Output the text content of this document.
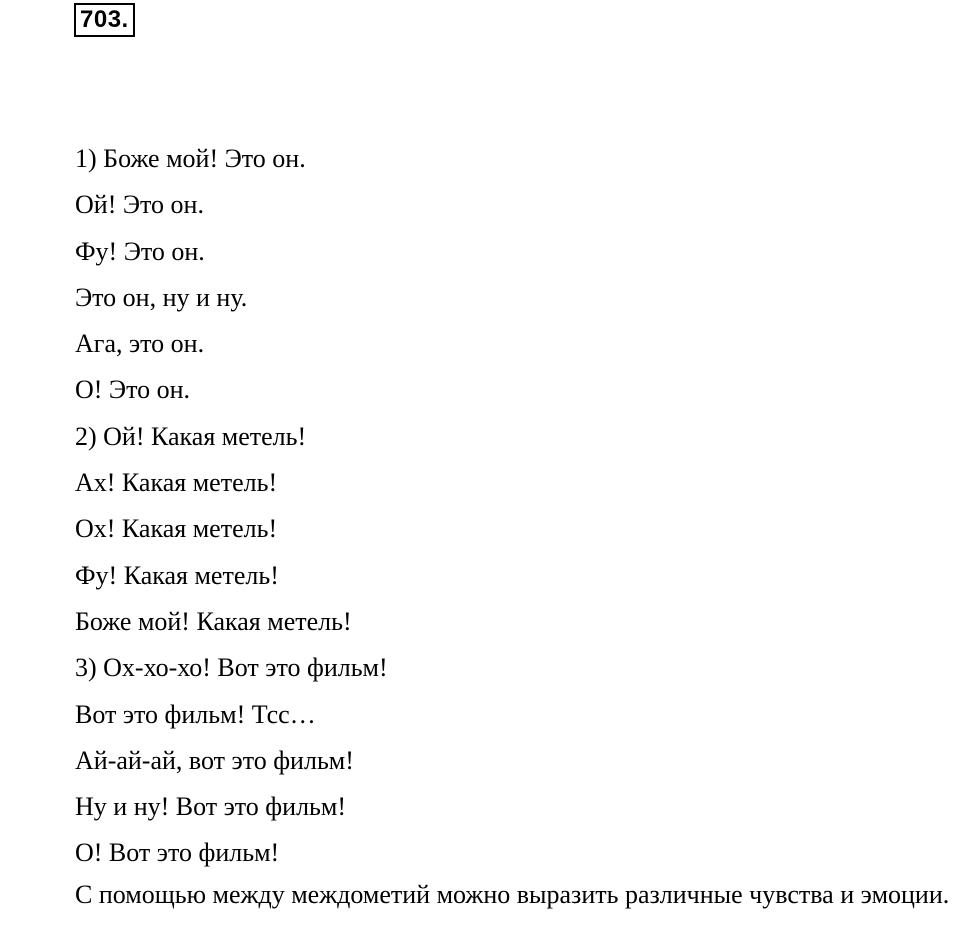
703.
1) Боже мой! Это он.
Ой! Это он.
Фу! Это он.
Это он, ну и ну.
Ага, это он.
О! Это он.
2) Ой! Какая метель!
Ах! Какая метель!
Ох! Какая метель!
Фу! Какая метель!
Боже мой! Какая метель!
3) Ох-хо-хо! Вот это фильм!
Вот это фильм! Тсс…
Ай-ай-ай, вот это фильм!
Ну и ну! Вот это фильм!
О! Вот это фильм!

С помощью между междометий можно выразить различные чувства и эмоции.
